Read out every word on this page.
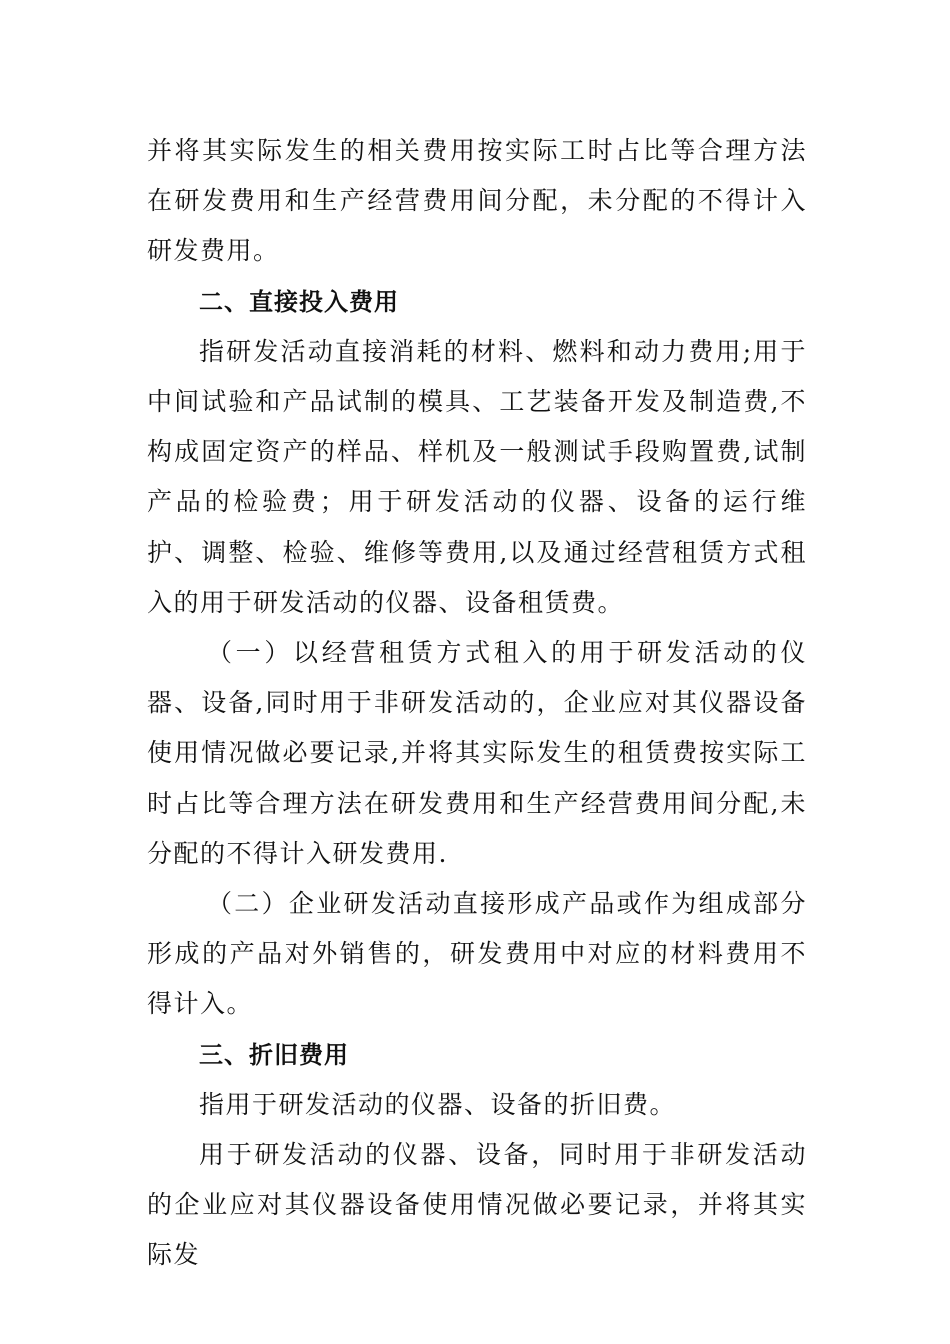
并将其实际发生的相关费用按实际工时占比等合理方法在研发费用和生产经营费用间分配，未分配的不得计入研发费用。

二、直接投入费用

指研发活动直接消耗的材料、燃料和动力费用;用于中间试验和产品试制的模具、工艺装备开发及制造费,不构成固定资产的样品、样机及一般测试手段购置费,试制产品的检验费；用于研发活动的仪器、设备的运行维护、调整、检验、维修等费用,以及通过经营租赁方式租入的用于研发活动的仪器、设备租赁费。

（一）以经营租赁方式租入的用于研发活动的仪器、设备,同时用于非研发活动的，企业应对其仪器设备使用情况做必要记录,并将其实际发生的租赁费按实际工时占比等合理方法在研发费用和生产经营费用间分配,未分配的不得计入研发费用.

（二）企业研发活动直接形成产品或作为组成部分形成的产品对外销售的，研发费用中对应的材料费用不得计入。

三、折旧费用

指用于研发活动的仪器、设备的折旧费。

用于研发活动的仪器、设备，同时用于非研发活动的企业应对其仪器设备使用情况做必要记录，并将其实际发
